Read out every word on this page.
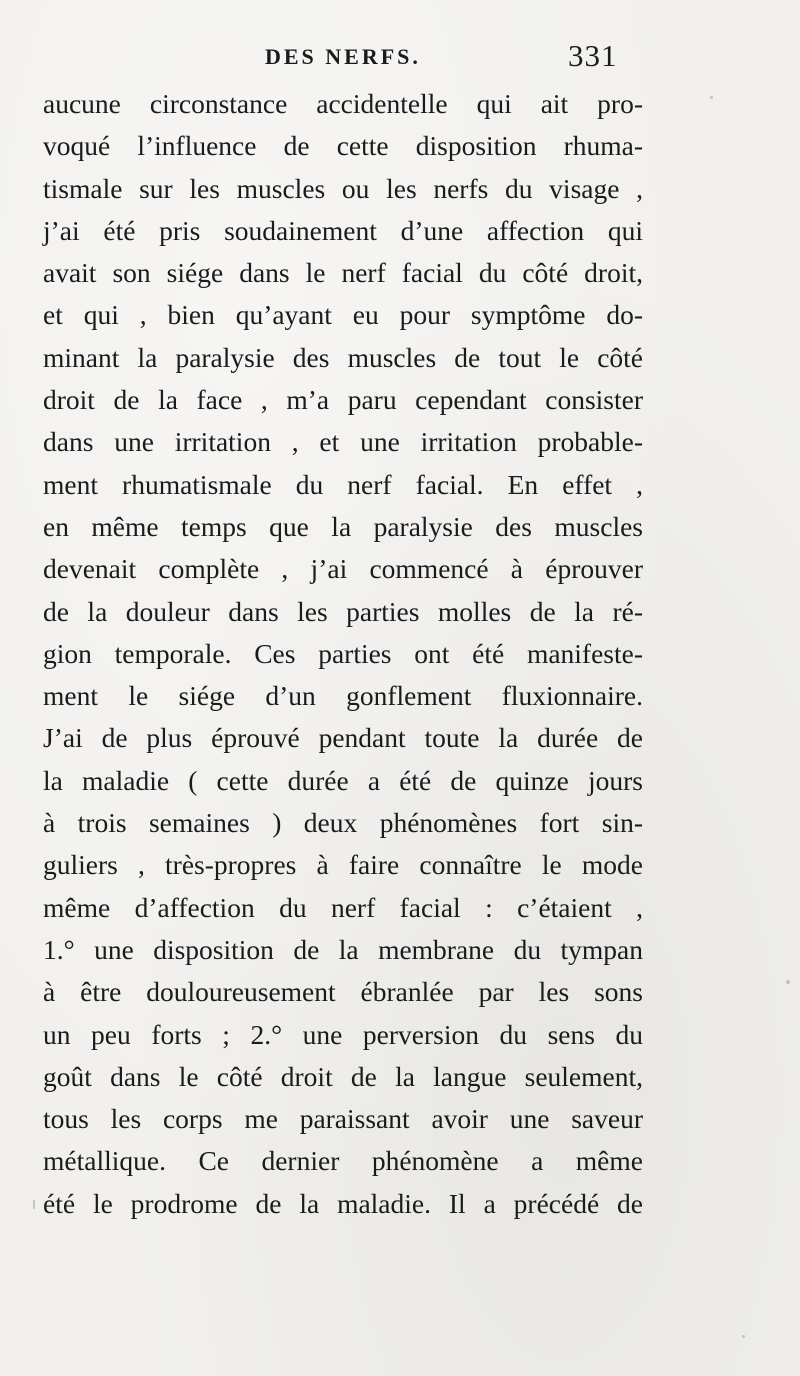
DES NERFS.	331
aucune circonstance accidentelle qui ait pro-
voqué l’influence de cette disposition rhuma-
tismale sur les muscles ou les nerfs du visage ,
j’ai été pris soudainement d’une affection qui
avait son siége dans le nerf facial du côté droit,
et qui , bien qu’ayant eu pour symptôme do-
minant la paralysie des muscles de tout le côté
droit de la face , m’a paru cependant consister
dans une irritation , et une irritation probable-
ment rhumatismale du nerf facial. En effet ,
en même temps que la paralysie des muscles
devenait complète , j’ai commencé à éprouver
de la douleur dans les parties molles de la ré-
gion temporale. Ces parties ont été manifeste-
ment le siége d’un gonflement fluxionnaire.
J’ai de plus éprouvé pendant toute la durée de
la maladie ( cette durée a été de quinze jours
à trois semaines ) deux phénomènes fort sin-
guliers , très-propres à faire connaître le mode
même d’affection du nerf facial : c’étaient ,
1.° une disposition de la membrane du tympan
à être douloureusement ébranlée par les sons
un peu forts ; 2.° une perversion du sens du
goût dans le côté droit de la langue seulement,
tous les corps me paraissant avoir une saveur
métallique. Ce dernier phénomène a même
été le prodrome de la maladie. Il a précédé de
